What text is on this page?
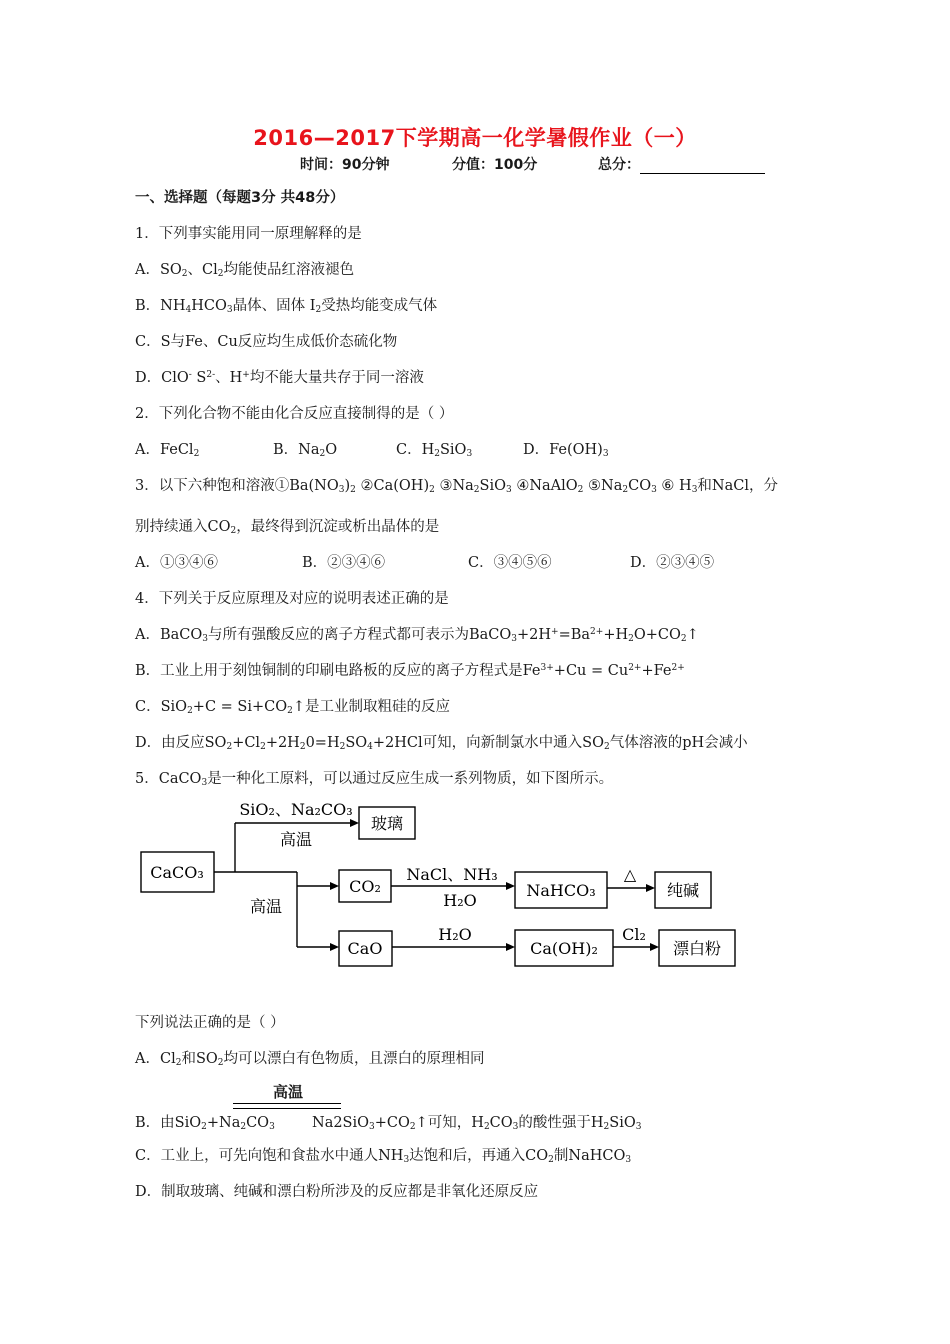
2016—2017下学期高一化学暑假作业（一）
时间：90分钟	分值：100分	总分：
一、选择题（每题3分 共48分）
1．下列事实能用同一原理解释的是
A．$SO_2$、$Cl_2$均能使品红溶液褪色
B．$NH_4HCO_3$晶体、固体 $I_2$受热均能变成气体
C．S与Fe、Cu反应均生成低价态硫化物
D．ClO- $S^{2-}$、H+均不能大量共存于同一溶液
2．下列化合物不能由化合反应直接制得的是（ ）
A．FeCl$_2$	B．$Na_2O$	C．$H_2SiO_3$	D．$Fe(OH)_3$
3．以下六种饱和溶液$①Ba(NO_3)_2$ $②Ca(OH)_2$ $③Na_2SiO_3$ ④NaAlO$_2$ $⑤Na_2CO_3$ ⑥ $H_3$和NaCl，分
别持续通入$CO_2$，最终得到沉淀或析出晶体的是
A．①③④⑥	B．②③④⑥	C．③④⑤⑥	D．②③④⑤
4．下列关于反应原理及对应的说明表述正确的是
A．BaCO$_3$与所有强酸反应的离子方程式都可表示为$BaCO_3+2H^+=Ba^{2+}+H_2O+CO_2↑$
B．工业上用于刻蚀铜制的印刷电路板的反应的离子方程式是$Fe^{3+}+Cu = Cu^{2+}+Fe^{2+}$
C．$SiO_2+C = Si+CO_2↑$是工业制取粗硅的反应
D．由反应$SO_2+Cl_2+2H_20=H_2SO_4+2HCl$可知，向新制氯水中通入$SO_2$气体溶液的pH会减小
5．CaCO$_3$是一种化工原料，可以通过反应生成一系列物质，如下图所示。
CaCO₃
SiO₂、Na₂CO₃
高温
玻璃
高温
CO₂
NaCl、NH₃
H₂O
NaHCO₃
△
纯碱
CaO
H₂O
Ca(OH)₂
Cl₂
漂白粉
下列说法正确的是（ ）
A．$Cl_2$和$SO_2$均可以漂白有色物质，且漂白的原理相同
高温
B．由$SiO_2+Na_2CO_3$	$Na2SiO_3+CO_2↑$可知，$H_2CO_3$的酸性强于$H_2SiO_3$
C．工业上，可先向饱和食盐水中通人$NH_3$达饱和后，再通入$CO_2$制NaHCO$_3$
D．制取玻璃、纯碱和漂白粉所涉及的反应都是非氧化还原反应
